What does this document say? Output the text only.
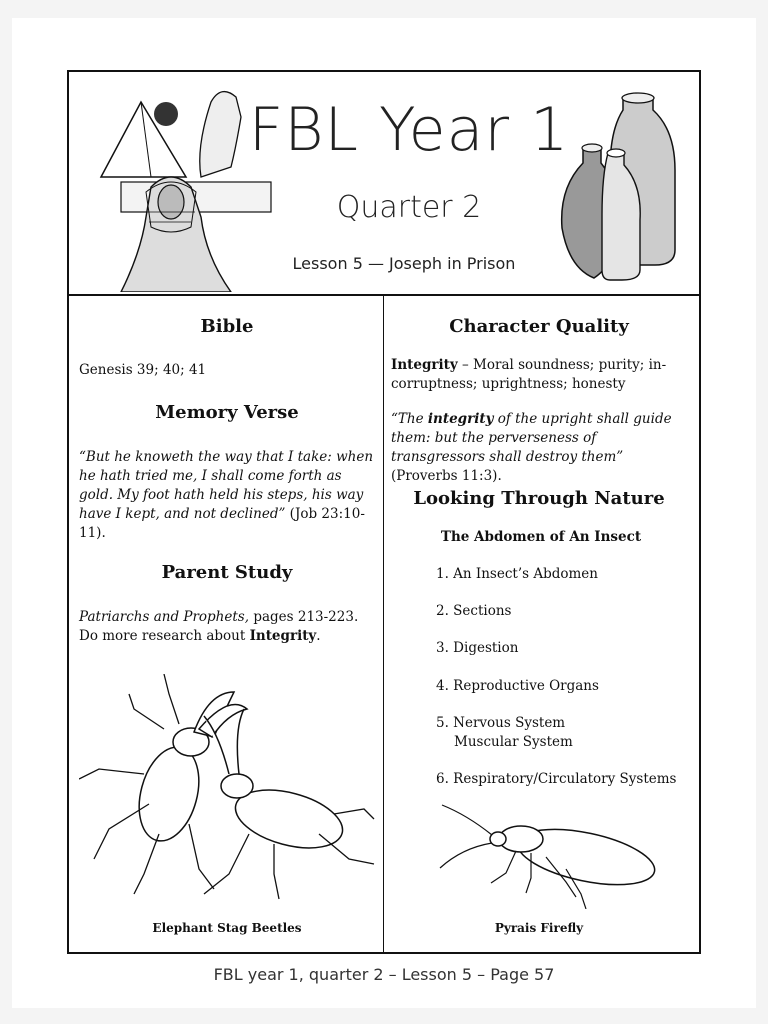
FBL Year 1
Quarter 2
Lesson 5 — Joseph in Prison
Bible

Genesis 39; 40; 41

Memory Verse

“But he knoweth the way that I take: when he hath tried me, I shall come forth as gold. My foot hath held his steps, his way have I kept, and not declined” (Job 23:10-11).

Parent Study

Patriarchs and Prophets, pages 213-223.
Do more research about Integrity.

Elephant Stag Beetles
Character Quality

Integrity – Moral soundness; purity; in-corruptness; uprightness; honesty

“The integrity of the upright shall guide them: but the perverseness of transgressors shall destroy them” (Proverbs 11:3).

Looking Through Nature
The Abdomen of An Insect
1. An Insect’s Abdomen
2. Sections
3. Digestion
4. Reproductive Organs
5. Nervous System
Muscular System
6. Respiratory/Circulatory Systems
Pyrais Firefly
FBL year 1, quarter 2 – Lesson 5 – Page 57
